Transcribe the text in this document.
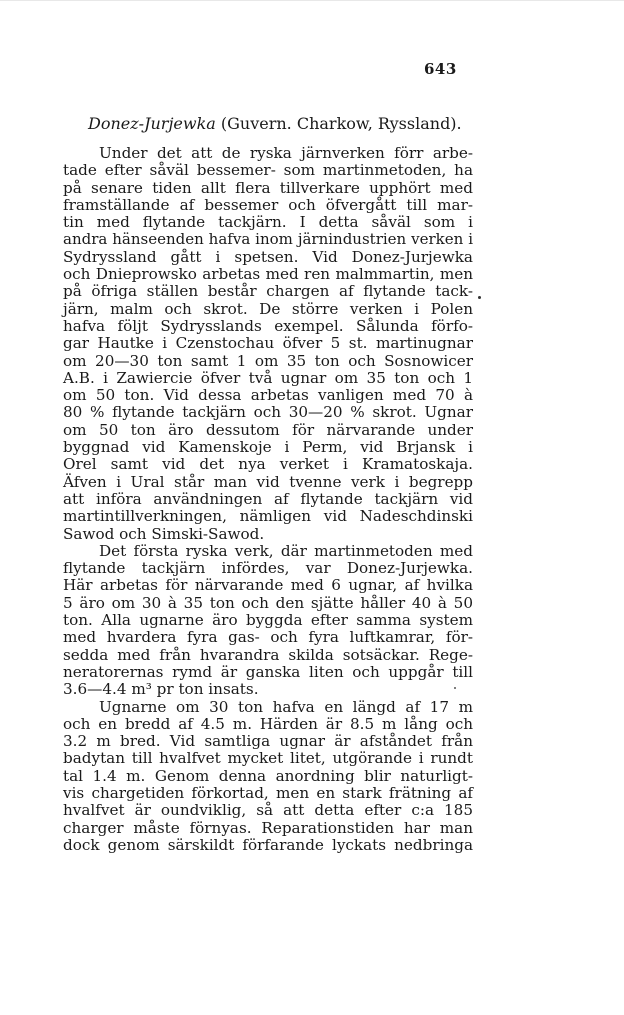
643
Donez-Jurjewka (Guvern. Charkow, Ryssland).
Under det att de ryska järnverken förr arbe-
tade efter såväl bessemer- som martinmetoden, ha
på senare tiden allt flera tillverkare upphört med
framställande af bessemer och öfvergått till mar-
tin med flytande tackjärn. I detta såväl som i
andra hänseenden hafva inom järnindustrien verken i
Sydryssland gått i spetsen. Vid Donez-Jurjewka
och Dnieprowsko arbetas med ren malmmartin, men
på öfriga ställen består chargen af flytande tack-
järn, malm och skrot. De större verken i Polen
hafva följt Sydrysslands exempel. Sålunda förfo-
gar Hautke i Czenstochau öfver 5 st. martinugnar
om 20—30 ton samt 1 om 35 ton och Sosnowicer
A.B. i Zawiercie öfver två ugnar om 35 ton och 1
om 50 ton. Vid dessa arbetas vanligen med 70 à
80 % flytande tackjärn och 30—20 % skrot. Ugnar
om 50 ton äro dessutom för närvarande under
byggnad vid Kamenskoje i Perm, vid Brjansk i
Orel samt vid det nya verket i Kramatoskaja.
Äfven i Ural står man vid tvenne verk i begrepp
att införa användningen af flytande tackjärn vid
martintillverkningen, nämligen vid Nadeschdinski
Sawod och Simski-Sawod.
Det första ryska verk, där martinmetoden med
flytande tackjärn infördes, var Donez-Jurjewka.
Här arbetas för närvarande med 6 ugnar, af hvilka
5 äro om 30 à 35 ton och den sjätte håller 40 à 50
ton. Alla ugnarne äro byggda efter samma system
med hvardera fyra gas- och fyra luftkamrar, för-
sedda med från hvarandra skilda sotsäckar. Rege-
neratorernas rymd är ganska liten och uppgår till
3.6—4.4 m³ pr ton insats.
Ugnarne om 30 ton hafva en längd af 17 m
och en bredd af 4.5 m. Härden är 8.5 m lång och
3.2 m bred. Vid samtliga ugnar är afståndet från
badytan till hvalfvet mycket litet, utgörande i rundt
tal 1.4 m. Genom denna anordning blir naturligt-
vis chargetiden förkortad, men en stark frätning af
hvalfvet är oundviklig, så att detta efter c:a 185
charger måste förnyas. Reparationstiden har man
dock genom särskildt förfarande lyckats nedbringa
